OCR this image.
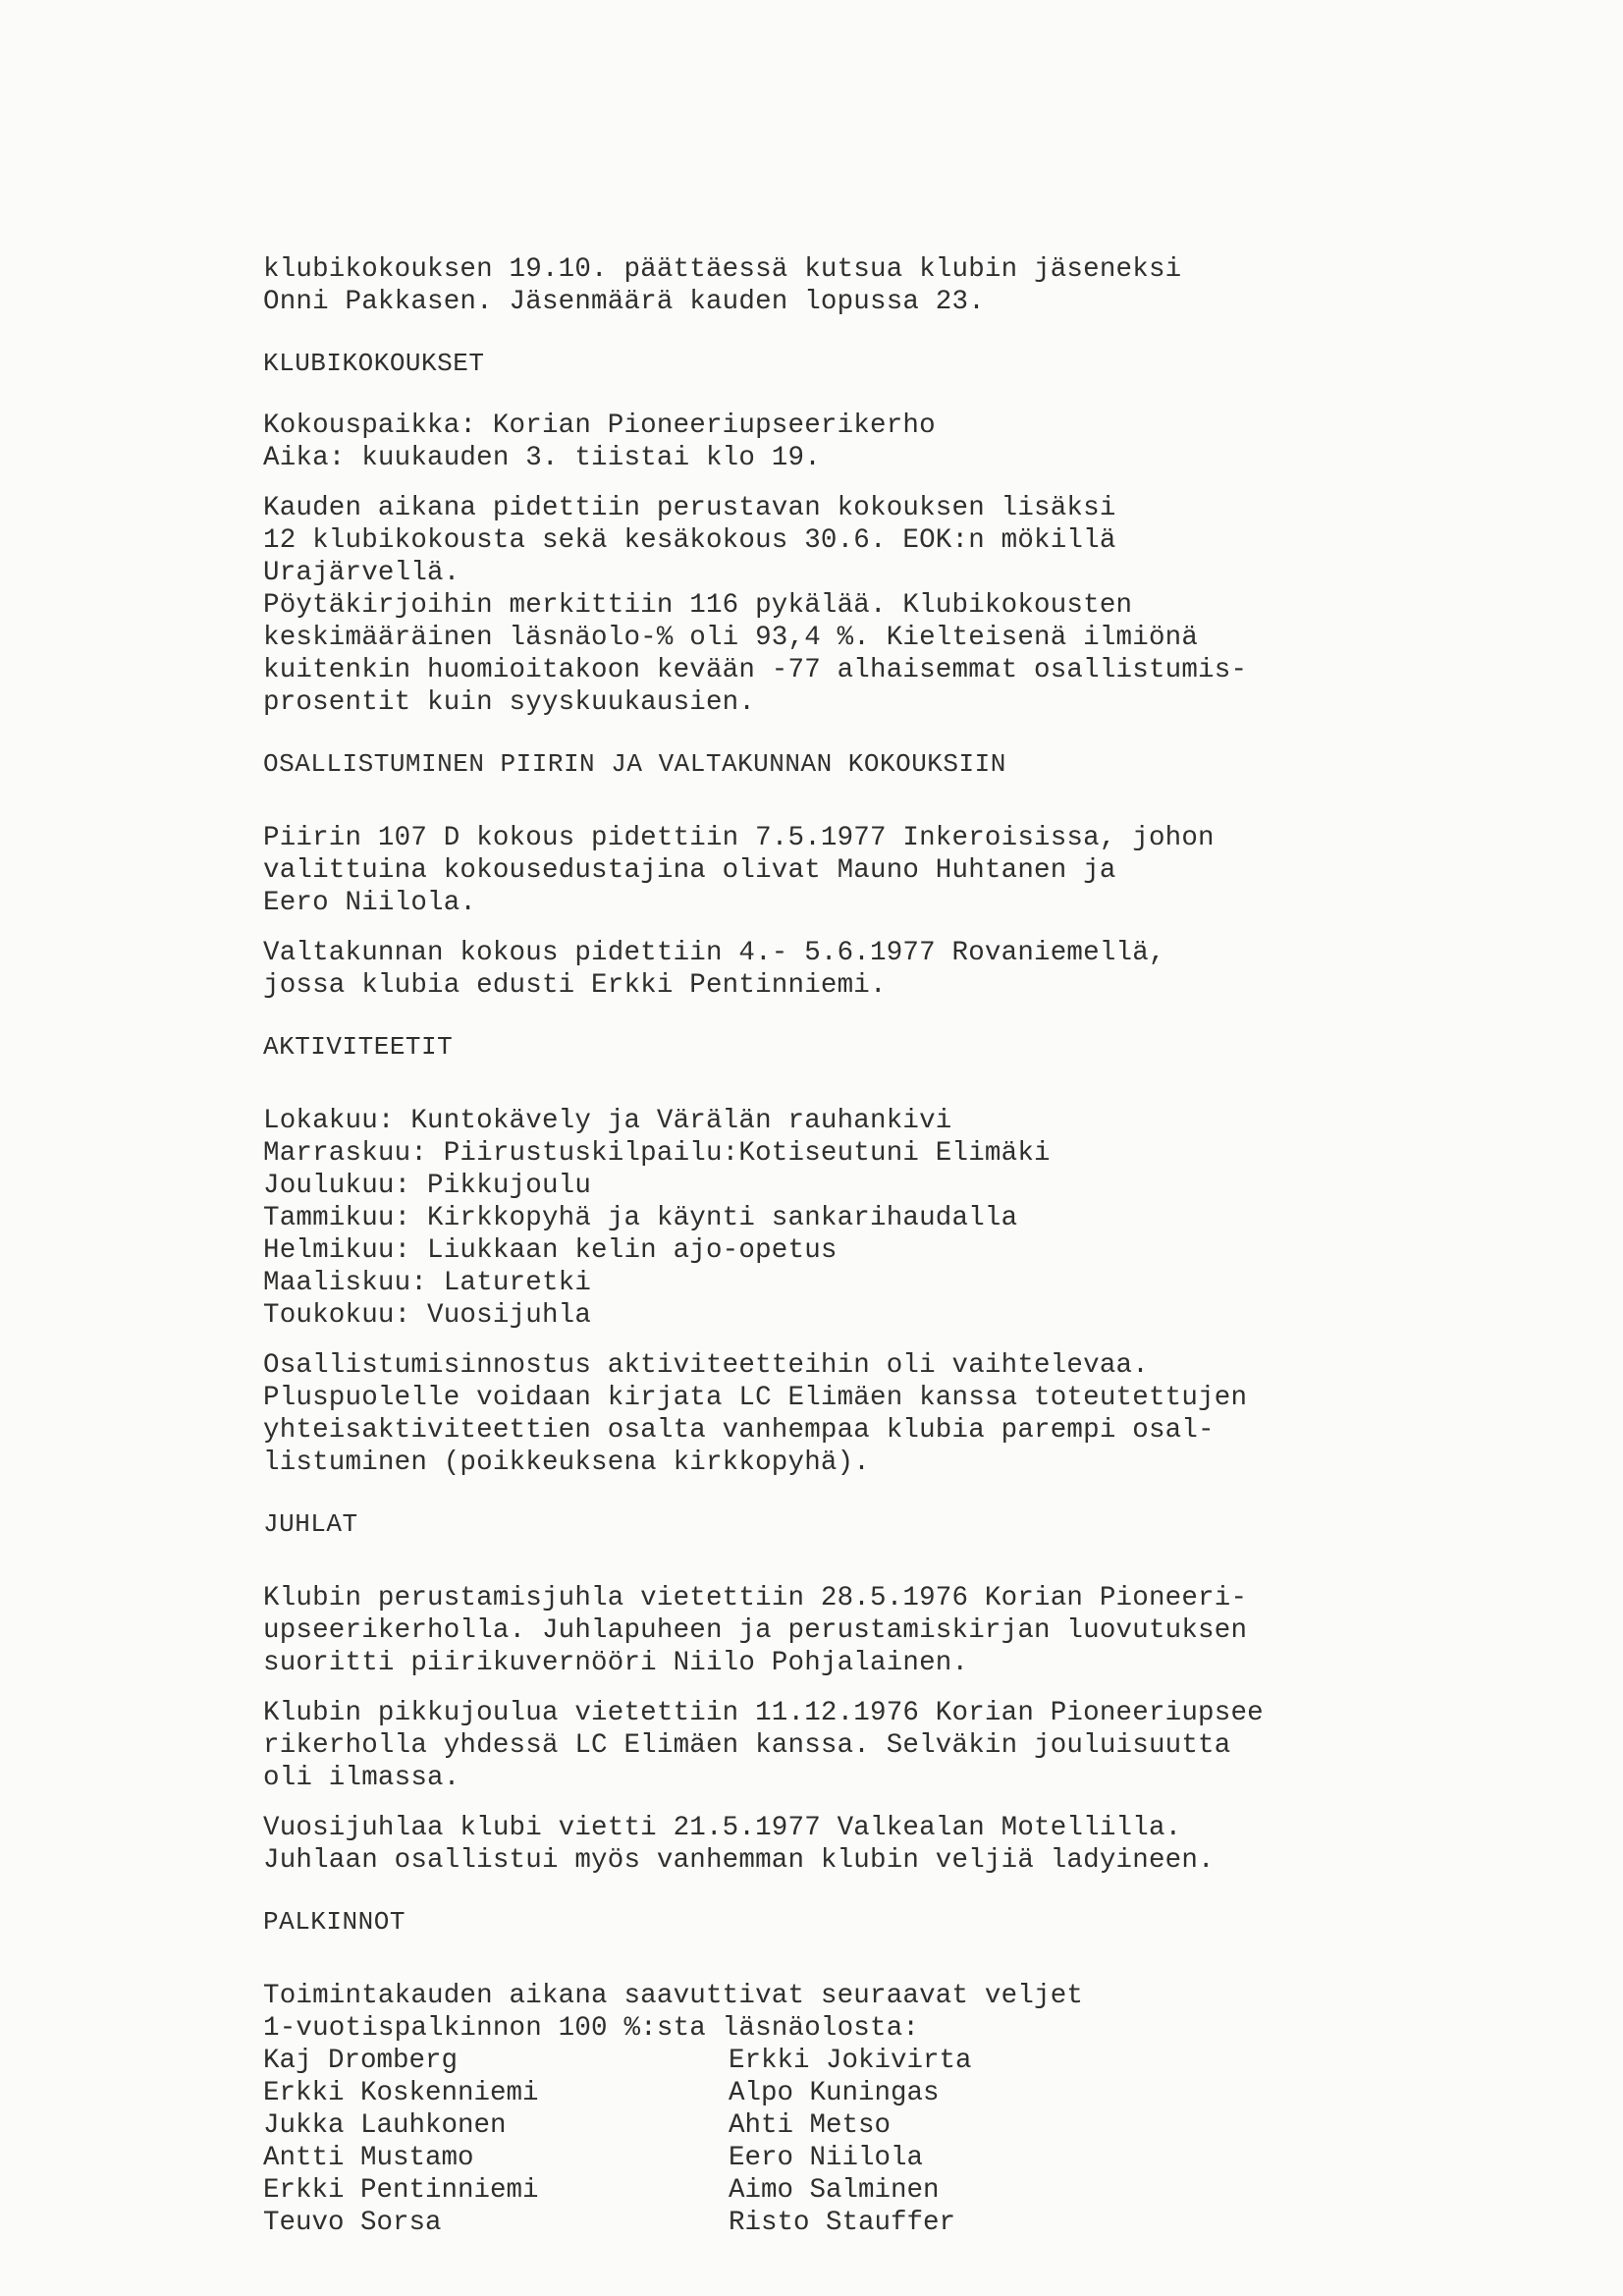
klubikokouksen 19.10. päättäessä kutsua klubin jäseneksi

Onni Pakkasen. Jäsenmäärä kauden lopussa 23.

KLUBIKOKOUKSET

Kokouspaikka: Korian Pioneeriupseerikerho

Aika: kuukauden 3. tiistai klo 19.

Kauden aikana pidettiin perustavan kokouksen lisäksi

12 klubikokousta sekä kesäkokous 30.6. EOK:n mökillä

Urajärvellä.

Pöytäkirjoihin merkittiin 116 pykälää. Klubikokousten

keskimääräinen läsnäolo-% oli 93,4 %. Kielteisenä ilmiönä

kuitenkin huomioitakoon kevään -77 alhaisemmat osallistumis-

prosentit kuin syyskuukausien.

OSALLISTUMINEN PIIRIN JA VALTAKUNNAN KOKOUKSIIN

Piirin 107 D kokous pidettiin 7.5.1977 Inkeroisissa, johon

valittuina kokousedustajina olivat Mauno Huhtanen ja

Eero Niilola.

Valtakunnan kokous pidettiin 4.- 5.6.1977 Rovaniemellä,

jossa klubia edusti Erkki Pentinniemi.

AKTIVITEETIT

Lokakuu: Kuntokävely ja Värälän rauhankivi

Marraskuu: Piirustuskilpailu:Kotiseutuni Elimäki

Joulukuu: Pikkujoulu

Tammikuu: Kirkkopyhä ja käynti sankarihaudalla

Helmikuu: Liukkaan kelin ajo-opetus

Maaliskuu: Laturetki

Toukokuu: Vuosijuhla

Osallistumisinnostus aktiviteetteihin oli vaihtelevaa.

Pluspuolelle voidaan kirjata LC Elimäen kanssa toteutettujen

yhteisaktiviteettien osalta vanhempaa klubia parempi osal-

listuminen (poikkeuksena kirkkopyhä).

JUHLAT

Klubin perustamisjuhla vietettiin 28.5.1976 Korian Pioneeri-

upseerikerholla. Juhlapuheen ja perustamiskirjan luovutuksen

suoritti piirikuvernööri Niilo Pohjalainen.

Klubin pikkujoulua vietettiin 11.12.1976 Korian Pioneeriupsee

rikerholla yhdessä LC Elimäen kanssa. Selväkin jouluisuutta

oli ilmassa.

Vuosijuhlaa klubi vietti 21.5.1977 Valkealan Motellilla.

Juhlaan osallistui myös vanhemman klubin veljiä ladyineen.

PALKINNOT

Toimintakauden aikana saavuttivat seuraavat veljet

1-vuotispalkinnon 100 %:sta läsnäolosta:

Kaj Dromberg	Erkki Jokivirta
Erkki Koskenniemi	Alpo Kuningas
Jukka Lauhkonen	Ahti Metso
Antti Mustamo	Eero Niilola
Erkki Pentinniemi	Aimo Salminen
Teuvo Sorsa	Risto Stauffer
